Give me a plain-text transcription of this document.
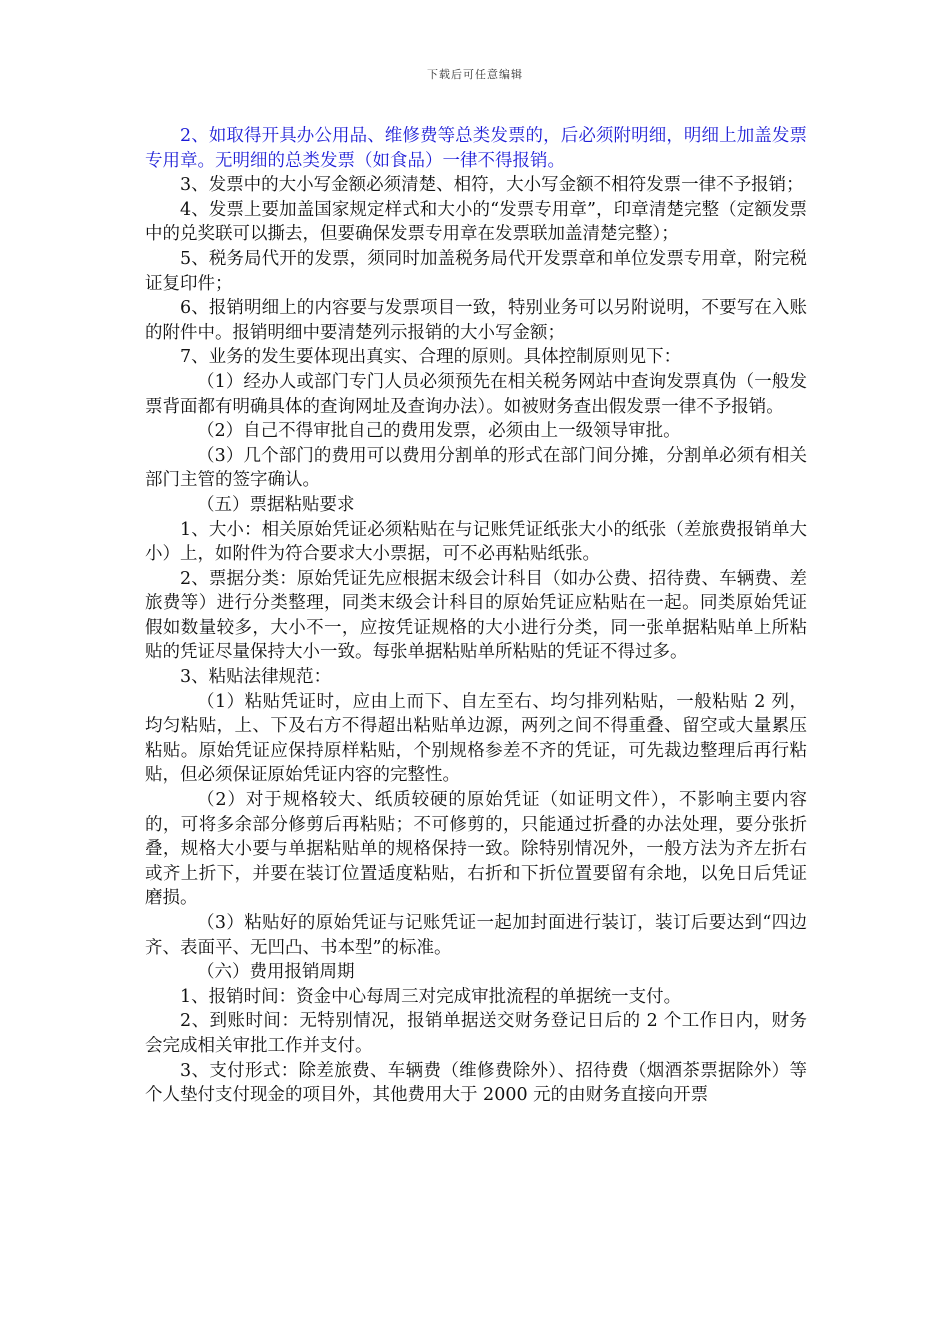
下载后可任意编辑

2、如取得开具办公用品、维修费等总类发票的，后必须附明细，明细上加盖发票专用章。无明细的总类发票（如食品）一律不得报销。

3、发票中的大小写金额必须清楚、相符，大小写金额不相符发票一律不予报销；

4、发票上要加盖国家规定样式和大小的“发票专用章”，印章清楚完整（定额发票中的兑奖联可以撕去，但要确保发票专用章在发票联加盖清楚完整）；

5、税务局代开的发票，须同时加盖税务局代开发票章和单位发票专用章，附完税证复印件；

6、报销明细上的内容要与发票项目一致，特别业务可以另附说明，不要写在入账的附件中。报销明细中要清楚列示报销的大小写金额；

7、业务的发生要体现出真实、合理的原则。具体控制原则见下：

（1）经办人或部门专门人员必须预先在相关税务网站中查询发票真伪（一般发票背面都有明确具体的查询网址及查询办法）。如被财务查出假发票一律不予报销。

（2）自己不得审批自己的费用发票，必须由上一级领导审批。

（3）几个部门的费用可以费用分割单的形式在部门间分摊，分割单必须有相关部门主管的签字确认。

（五）票据粘贴要求

1、大小：相关原始凭证必须粘贴在与记账凭证纸张大小的纸张（差旅费报销单大小）上，如附件为符合要求大小票据，可不必再粘贴纸张。

2、票据分类：原始凭证先应根据末级会计科目（如办公费、招待费、车辆费、差旅费等）进行分类整理，同类末级会计科目的原始凭证应粘贴在一起。同类原始凭证假如数量较多，大小不一，应按凭证规格的大小进行分类，同一张单据粘贴单上所粘贴的凭证尽量保持大小一致。每张单据粘贴单所粘贴的凭证不得过多。

3、粘贴法律规范：

（1）粘贴凭证时，应由上而下、自左至右、均匀排列粘贴，一般粘贴 2 列，均匀粘贴，上、下及右方不得超出粘贴单边源，两列之间不得重叠、留空或大量累压粘贴。原始凭证应保持原样粘贴，个别规格参差不齐的凭证，可先裁边整理后再行粘贴，但必须保证原始凭证内容的完整性。

（2）对于规格较大、纸质较硬的原始凭证（如证明文件），不影响主要内容的，可将多余部分修剪后再粘贴；不可修剪的，只能通过折叠的办法处理，要分张折叠，规格大小要与单据粘贴单的规格保持一致。除特别情况外，一般方法为齐左折右或齐上折下，并要在装订位置适度粘贴，右折和下折位置要留有余地，以免日后凭证磨损。

（3）粘贴好的原始凭证与记账凭证一起加封面进行装订，装订后要达到“四边齐、表面平、无凹凸、书本型”的标准。

（六）费用报销周期

1、报销时间：资金中心每周三对完成审批流程的单据统一支付。

2、到账时间：无特别情况，报销单据送交财务登记日后的 2 个工作日内，财务会完成相关审批工作并支付。

3、支付形式：除差旅费、车辆费（维修费除外）、招待费（烟酒茶票据除外）等个人垫付支付现金的项目外，其他费用大于 2000 元的由财务直接向开票
